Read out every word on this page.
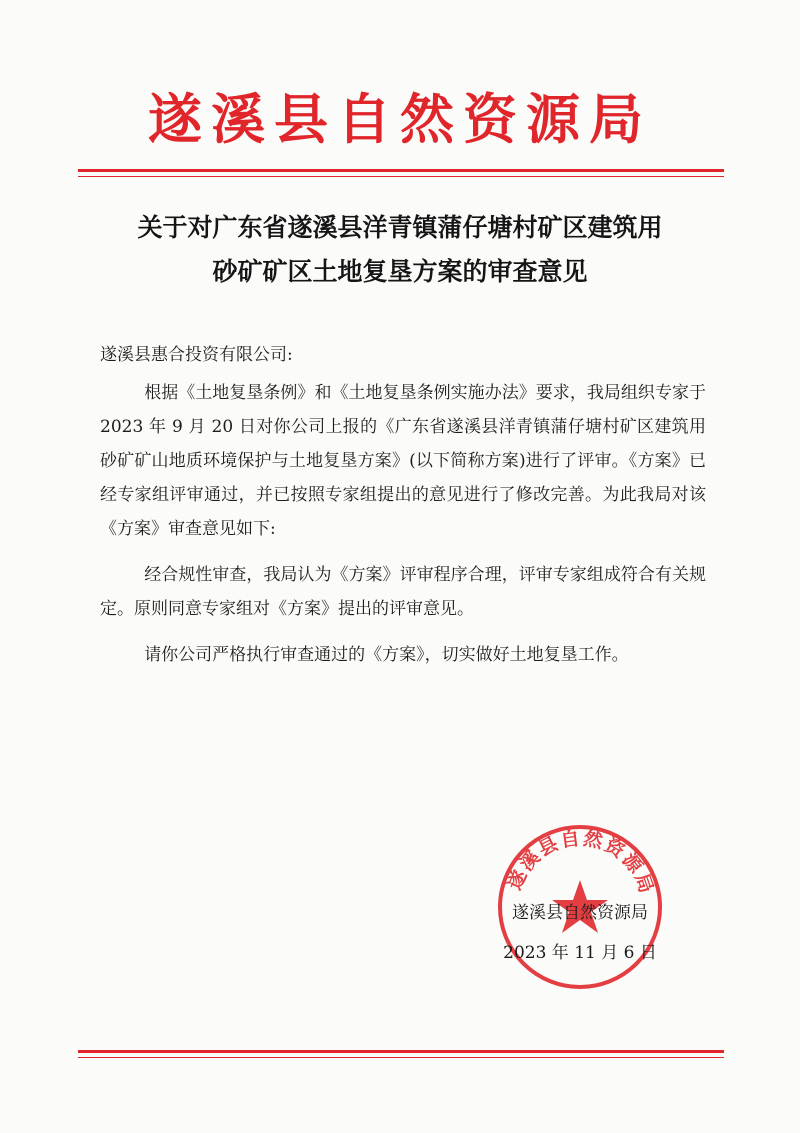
遂溪县自然资源局
关于对广东省遂溪县洋青镇蒲仔塘村矿区建筑用
砂矿矿区土地复垦方案的审查意见

遂溪县惠合投资有限公司:

根据《土地复垦条例》和《土地复垦条例实施办法》要求，我局组织专家于 2023 年 9 月 20 日对你公司上报的《广东省遂溪县洋青镇蒲仔塘村矿区建筑用砂矿矿山地质环境保护与土地复垦方案》(以下简称方案)进行了评审。《方案》已经专家组评审通过，并已按照专家组提出的意见进行了修改完善。为此我局对该《方案》审查意见如下:

经合规性审查，我局认为《方案》评审程序合理，评审专家组成符合有关规定。原则同意专家组对《方案》提出的评审意见。

请你公司严格执行审查通过的《方案》，切实做好土地复垦工作。

遂溪县自然资源局
遂溪县自然资源局
2023 年 11 月 6 日
